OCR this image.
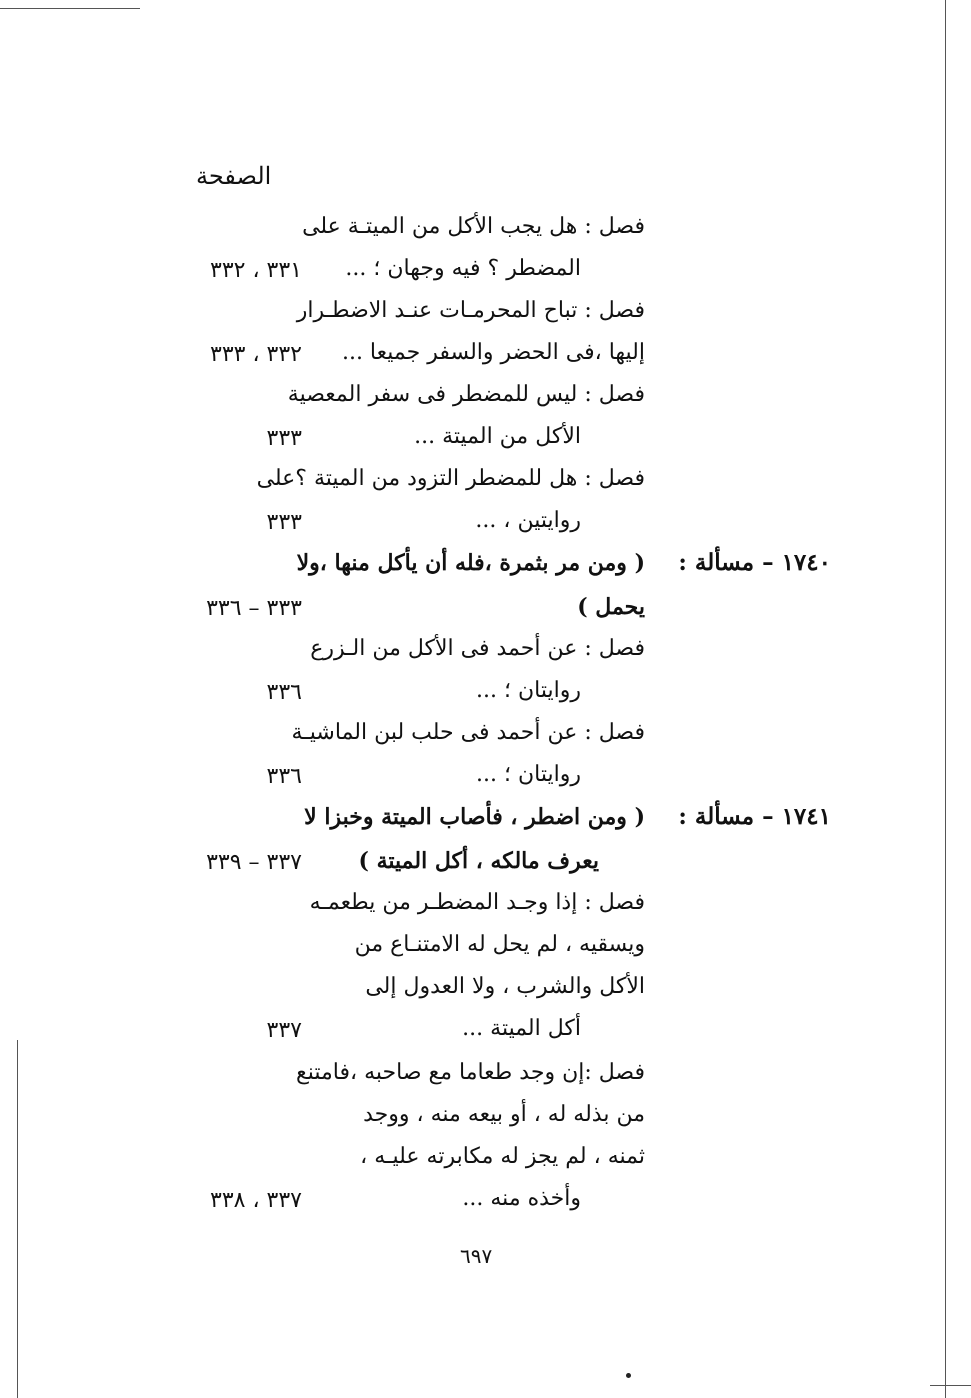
الصفحة
فصل : هل يجب الأكل من الميتـة على
المضطر ؟ فيه وجهان ؛ ...
٣٣١ ، ٣٣٢
فصل : تباح المحرمـات عنـد الاضطـرار
إليها ،فى الحضر والسفر جميعا ...
٣٣٢ ، ٣٣٣
فصل : ليس للمضطر فى سفر المعصية
الأكل من الميتة ...
٣٣٣
فصل : هل للمضطر التزود من الميتة ؟على
روايتين ، ...
٣٣٣
١٧٤٠ – مسألة :
( ومن مر بثمرة ،فله أن يأكل منها ،ولا
يحمل )
٣٣٣ – ٣٣٦
فصل : عن أحمد فى الأكل من الـزرع
روايتان ؛ ...
٣٣٦
فصل : عن أحمد فى حلب لبن الماشيـة
روايتان ؛ ...
٣٣٦
١٧٤١ – مسألة :
( ومن اضطر ، فأصاب الميتة وخبزا لا
يعرف مالكه ، أكل الميتة )
٣٣٧ – ٣٣٩
فصل : إذا وجـد المضطـر من يطعمـه
ويسقيه ، لم يحل له الامتنـاع من
الأكل والشرب ، ولا العدول إلى
أكل الميتة ...
٣٣٧
فصل :إن وجد طعاما مع صاحبه ،فامتنع
من بذله له ، أو بيعه منه ، ووجد
ثمنه ، لم يجز له مكابرته عليـه ،
وأخذه منه ...
٣٣٧ ، ٣٣٨
٦٩٧
